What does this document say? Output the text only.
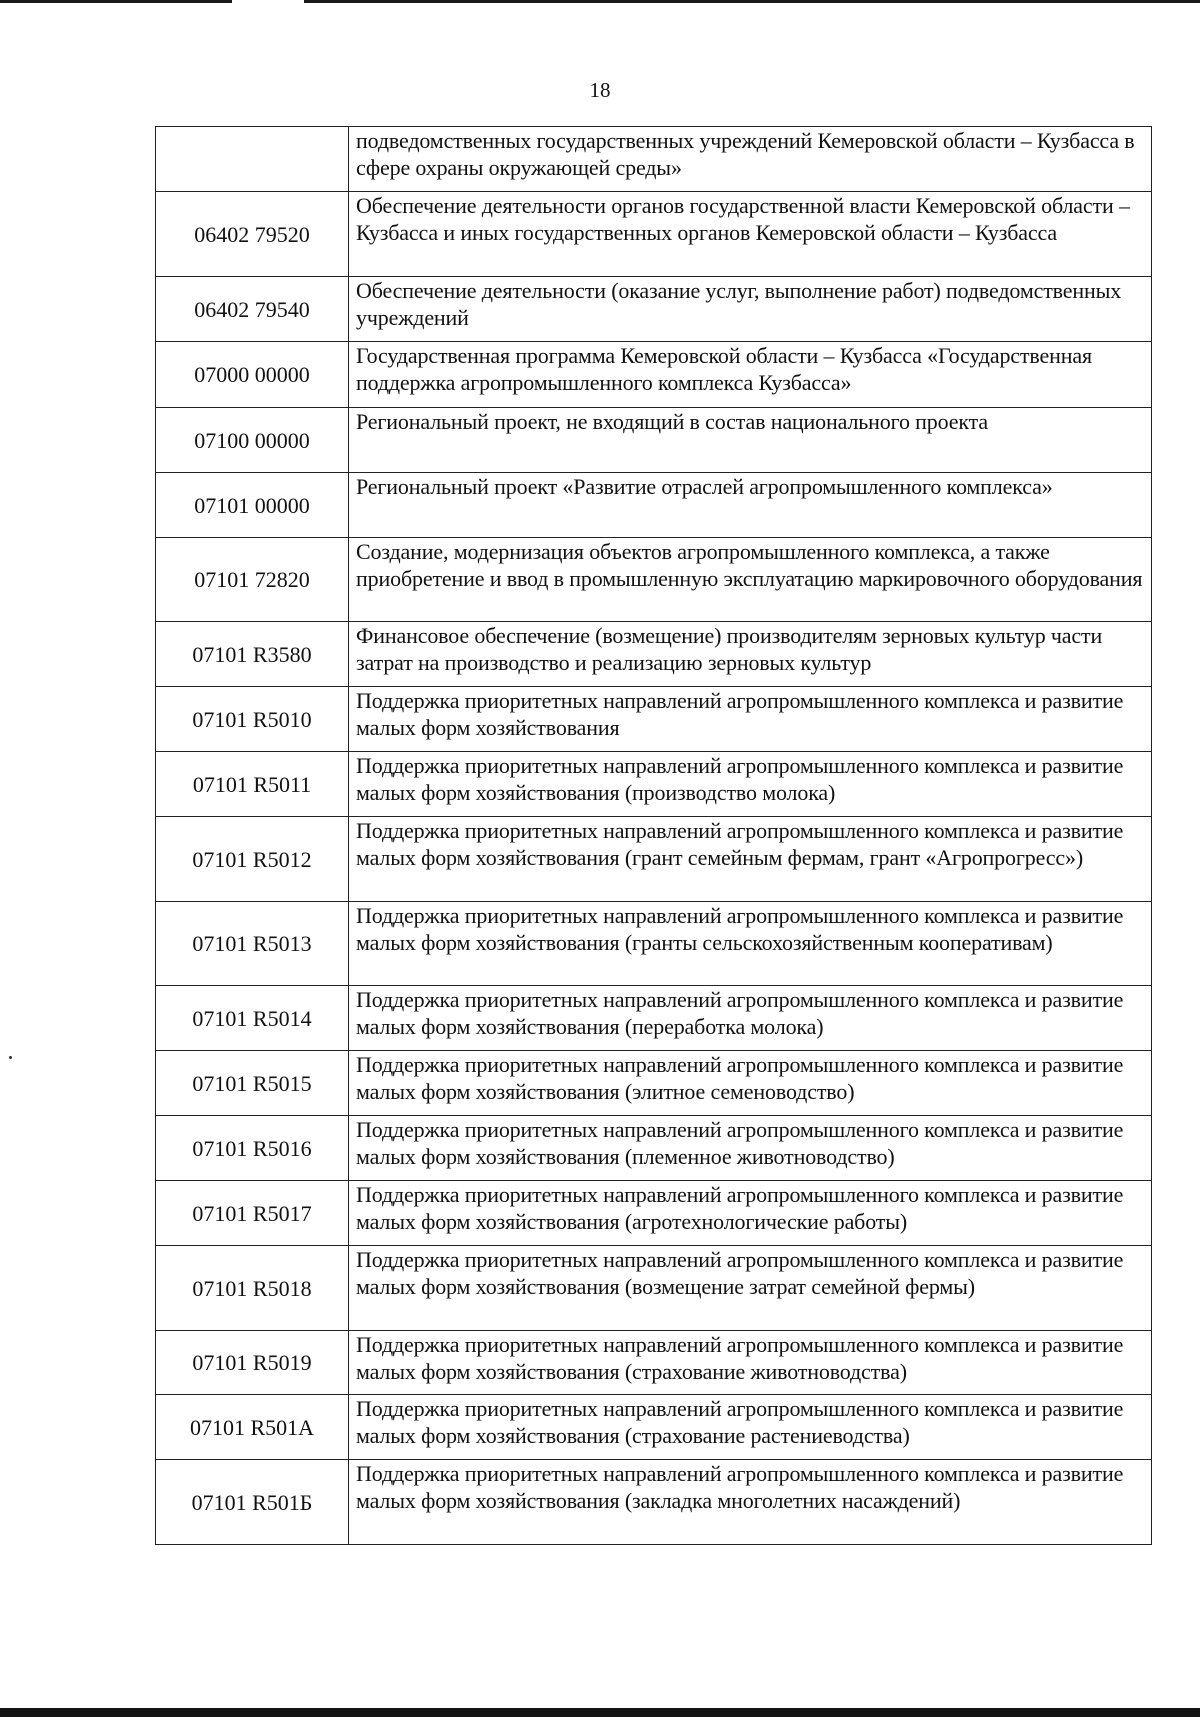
18
	подведомственных государственных учреждений Кемеровской области – Кузбасса в сфере охраны окружающей среды»
06402 79520	Обеспечение деятельности органов государственной власти Кемеровской области – Кузбасса и иных государственных органов Кемеровской области – Кузбасса
06402 79540	Обеспечение деятельности (оказание услуг, выполнение работ) подведомственных учреждений
07000 00000	Государственная программа Кемеровской области – Кузбасса «Государственная поддержка агропромышленного комплекса Кузбасса»
07100 00000	Региональный проект, не входящий в состав национального проекта
07101 00000	Региональный проект «Развитие отраслей агропромышленного комплекса»
07101 72820	Создание, модернизация объектов агропромышленного комплекса, а также приобретение и ввод в промышленную эксплуатацию маркировочного оборудования
07101 R3580	Финансовое обеспечение (возмещение) производителям зерновых культур части затрат на производство и реализацию зерновых культур
07101 R5010	Поддержка приоритетных направлений агропромышленного комплекса и развитие малых форм хозяйствования
07101 R5011	Поддержка приоритетных направлений агропромышленного комплекса и развитие малых форм хозяйствования (производство молока)
07101 R5012	Поддержка приоритетных направлений агропромышленного комплекса и развитие малых форм хозяйствования (грант семейным фермам, грант «Агропрогресс»)
07101 R5013	Поддержка приоритетных направлений агропромышленного комплекса и развитие малых форм хозяйствования (гранты сельскохозяйственным кооперативам)
07101 R5014	Поддержка приоритетных направлений агропромышленного комплекса и развитие малых форм хозяйствования (переработка молока)
07101 R5015	Поддержка приоритетных направлений агропромышленного комплекса и развитие малых форм хозяйствования (элитное семеноводство)
07101 R5016	Поддержка приоритетных направлений агропромышленного комплекса и развитие малых форм хозяйствования (племенное животноводство)
07101 R5017	Поддержка приоритетных направлений агропромышленного комплекса и развитие малых форм хозяйствования (агротехнологические работы)
07101 R5018	Поддержка приоритетных направлений агропромышленного комплекса и развитие малых форм хозяйствования (возмещение затрат семейной фермы)
07101 R5019	Поддержка приоритетных направлений агропромышленного комплекса и развитие малых форм хозяйствования (страхование животноводства)
07101 R501А	Поддержка приоритетных направлений агропромышленного комплекса и развитие малых форм хозяйствования (страхование растениеводства)
07101 R501Б	Поддержка приоритетных направлений агропромышленного комплекса и развитие малых форм хозяйствования (закладка многолетних насаждений)
